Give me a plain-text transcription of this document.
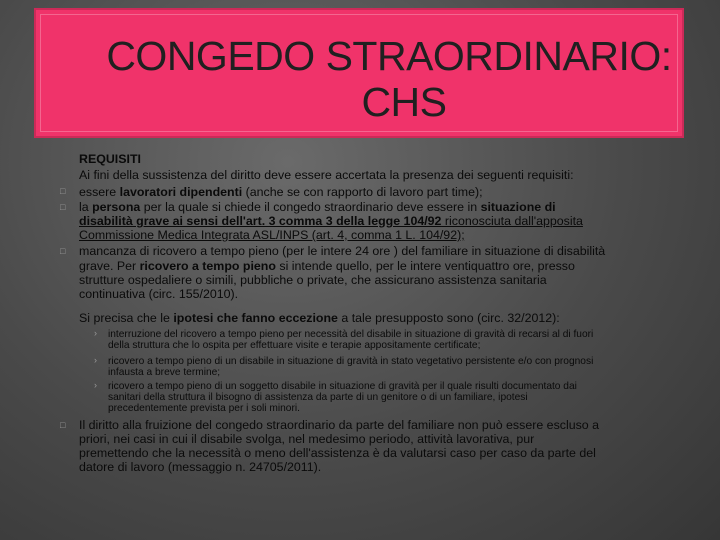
CONGEDO STRAORDINARIO:
CHS
REQUISITI
Ai fini della sussistenza del diritto deve essere accertata la presenza dei seguenti requisiti:
□ essere lavoratori dipendenti (anche se con rapporto di lavoro part time);
□ la persona per la quale si chiede il congedo straordinario deve essere in situazione di
disabilità grave ai sensi dell'art. 3 comma 3 della legge 104/92 riconosciuta dall'apposita
Commissione Medica Integrata ASL/INPS (art. 4, comma 1 L. 104/92);
□ mancanza di ricovero a tempo pieno (per le intere 24 ore ) del familiare in situazione di disabilità
grave. Per ricovero a tempo pieno si intende quello, per le intere ventiquattro ore, presso
strutture ospedaliere o simili, pubbliche o private, che assicurano assistenza sanitaria
continuativa (circ. 155/2010).
Si precisa che le ipotesi che fanno eccezione a tale presupposto sono (circ. 32/2012):
› interruzione del ricovero a tempo pieno per necessità del disabile in situazione di gravità di recarsi al di fuori
della struttura che lo ospita per effettuare visite e terapie appositamente certificate;
› ricovero a tempo pieno di un disabile in situazione di gravità in stato vegetativo persistente e/o con prognosi
infausta a breve termine;
› ricovero a tempo pieno di un soggetto disabile in situazione di gravità per il quale risulti documentato dai
sanitari della struttura il bisogno di assistenza da parte di un genitore o di un familiare, ipotesi
precedentemente prevista per i soli minori.
□ Il diritto alla fruizione del congedo straordinario da parte del familiare non può essere escluso a
priori, nei casi in cui il disabile svolga, nel medesimo periodo, attività lavorativa, pur
premettendo che la necessità o meno dell'assistenza è da valutarsi caso per caso da parte del
datore di lavoro (messaggio n. 24705/2011).
